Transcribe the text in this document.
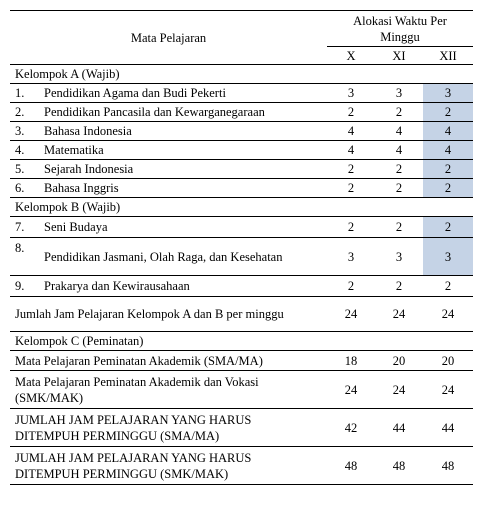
Mata Pelajaran		Alokasi Waktu Per Minggu		
		X	XI	XII
Kelompok A (Wajib)				
1.	Pendidikan Agama dan Budi Pekerti	3	3	3
2.	Pendidikan Pancasila dan Kewarganegaraan	2	2	2
3.	Bahasa Indonesia	4	4	4
4.	Matematika	4	4	4
5.	Sejarah Indonesia	2	2	2
6.	Bahasa Inggris	2	2	2
Kelompok B (Wajib)				
7.	Seni Budaya	2	2	2
8.	Pendidikan Jasmani, Olah Raga, dan Kesehatan	3	3	3
9.	Prakarya dan Kewirausahaan	2	2	2
Jumlah Jam Pelajaran Kelompok A dan B per minggu		24	24	24
Kelompok C (Peminatan)				
Mata Pelajaran Peminatan Akademik (SMA/MA)		18	20	20
Mata Pelajaran Peminatan Akademik dan Vokasi (SMK/MAK)		24	24	24
JUMLAH JAM PELAJARAN YANG HARUS DITEMPUH PERMINGGU (SMA/MA)		42	44	44
JUMLAH JAM PELAJARAN YANG HARUS DITEMPUH PERMINGGU (SMK/MAK)		48	48	48
